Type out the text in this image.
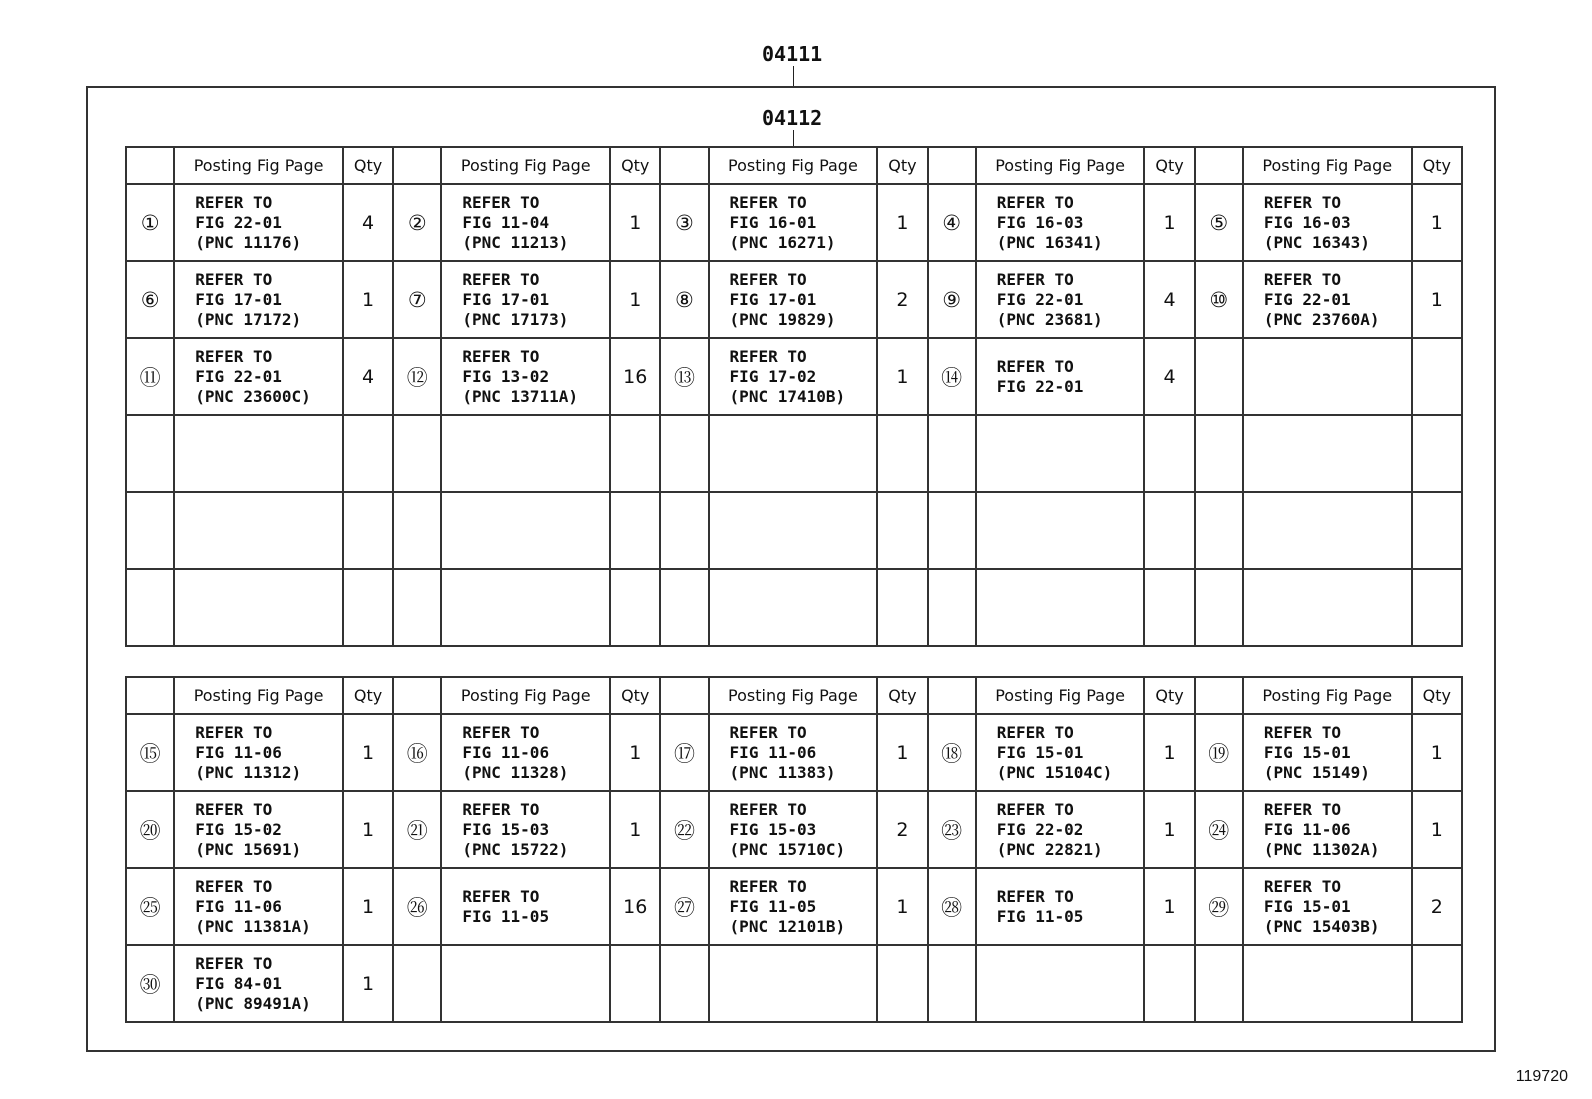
04111
04112
	Posting Fig Page	Qty		Posting Fig Page	Qty		Posting Fig Page	Qty		Posting Fig Page	Qty		Posting Fig Page	Qty
①	REFER TO
FIG 22-01
(PNC 11176)	4	②	REFER TO
FIG 11-04
(PNC 11213)	1	③	REFER TO
FIG 16-01
(PNC 16271)	1	④	REFER TO
FIG 16-03
(PNC 16341)	1	⑤	REFER TO
FIG 16-03
(PNC 16343)	1
⑥	REFER TO
FIG 17-01
(PNC 17172)	1	⑦	REFER TO
FIG 17-01
(PNC 17173)	1	⑧	REFER TO
FIG 17-01
(PNC 19829)	2	⑨	REFER TO
FIG 22-01
(PNC 23681)	4	⑩	REFER TO
FIG 22-01
(PNC 23760A)	1
⑪	REFER TO
FIG 22-01
(PNC 23600C)	4	⑫	REFER TO
FIG 13-02
(PNC 13711A)	16	⑬	REFER TO
FIG 17-02
(PNC 17410B)	1	⑭	REFER TO
FIG 22-01	4		

	Posting Fig Page	Qty		Posting Fig Page	Qty		Posting Fig Page	Qty		Posting Fig Page	Qty		Posting Fig Page	Qty
⑮	REFER TO
FIG 11-06
(PNC 11312)	1	⑯	REFER TO
FIG 11-06
(PNC 11328)	1	⑰	REFER TO
FIG 11-06
(PNC 11383)	1	⑱	REFER TO
FIG 15-01
(PNC 15104C)	1	⑲	REFER TO
FIG 15-01
(PNC 15149)	1
⑳	REFER TO
FIG 15-02
(PNC 15691)	1	㉑	REFER TO
FIG 15-03
(PNC 15722)	1	㉒	REFER TO
FIG 15-03
(PNC 15710C)	2	㉓	REFER TO
FIG 22-02
(PNC 22821)	1	㉔	REFER TO
FIG 11-06
(PNC 11302A)	1
㉕	REFER TO
FIG 11-06
(PNC 11381A)	1	㉖	REFER TO
FIG 11-05	16	㉗	REFER TO
FIG 11-05
(PNC 12101B)	1	㉘	REFER TO
FIG 11-05	1	㉙	REFER TO
FIG 15-01
(PNC 15403B)	2
㉚	REFER TO
FIG 84-01
(PNC 89491A)	1		

119720
